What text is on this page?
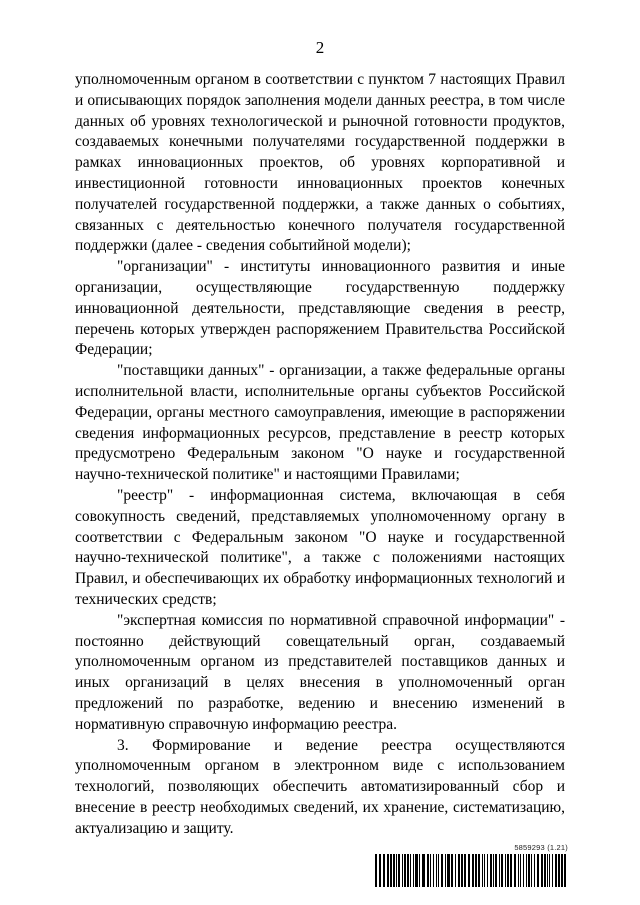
2

уполномоченным органом в соответствии с пунктом 7 настоящих Правил и описывающих порядок заполнения модели данных реестра, в том числе данных об уровнях технологической и рыночной готовности продуктов, создаваемых конечными получателями государственной поддержки в рамках инновационных проектов, об уровнях корпоративной и инвестиционной готовности инновационных проектов конечных получателей государственной поддержки, а также данных о событиях, связанных с деятельностью конечного получателя государственной поддержки (далее - сведения событийной модели);

"организации" - институты инновационного развития и иные организации, осуществляющие государственную поддержку инновационной деятельности, представляющие сведения в реестр, перечень которых утвержден распоряжением Правительства Российской Федерации;

"поставщики данных" - организации, а также федеральные органы исполнительной власти, исполнительные органы субъектов Российской Федерации, органы местного самоуправления, имеющие в распоряжении сведения информационных ресурсов, представление в реестр которых предусмотрено Федеральным законом "О науке и государственной научно-технической политике" и настоящими Правилами;

"реестр" - информационная система, включающая в себя совокупность сведений, представляемых уполномоченному органу в соответствии с Федеральным законом "О науке и государственной научно-технической политике", а также с положениями настоящих Правил, и обеспечивающих их обработку информационных технологий и технических средств;

"экспертная комиссия по нормативной справочной информации" - постоянно действующий совещательный орган, создаваемый уполномоченным органом из представителей поставщиков данных и иных организаций в целях внесения в уполномоченный орган предложений по разработке, ведению и внесению изменений в нормативную справочную информацию реестра.

3. Формирование и ведение реестра осуществляются уполномоченным органом в электронном виде с использованием технологий, позволяющих обеспечить автоматизированный сбор и внесение в реестр необходимых сведений, их хранение, систематизацию, актуализацию и защиту.

5859293 (1.21)
